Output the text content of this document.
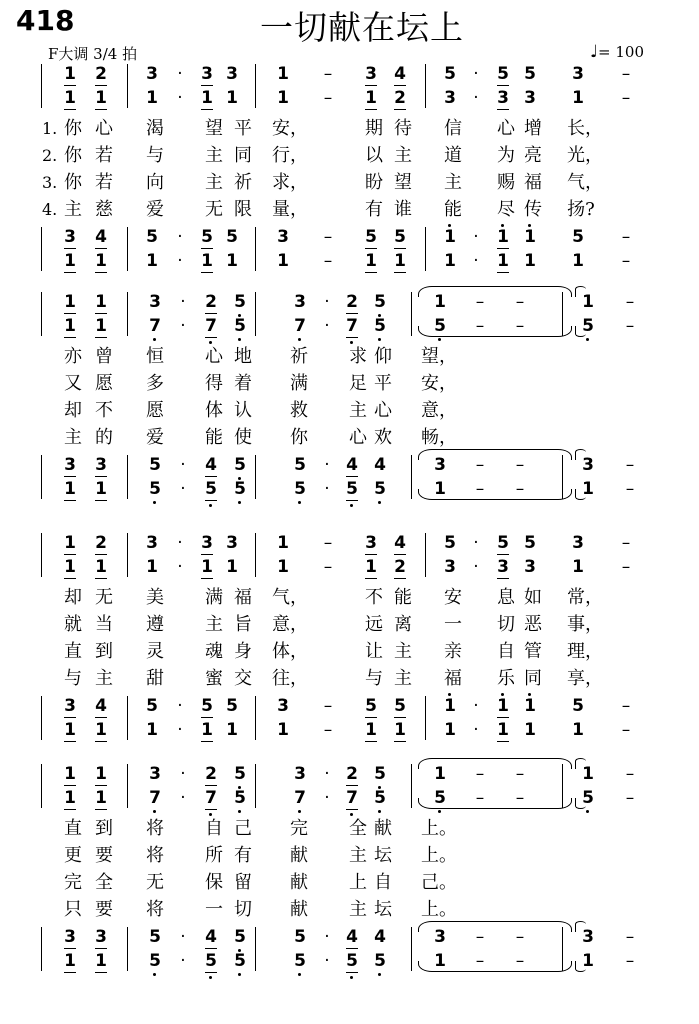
418	一切献在坛上
F大调 3/4 拍	♩= 100
1 2 3	·	3 3 1	–	3 4 5	·	5 5 3	–
1 1 1	·	1 1 1	–	1 2 3	·	3 3 1	–
3 4 5	·	5 5 3	–	5 5 1	·	1 1 5	–
1 1 1	·	1 1 1	–	1 1 1	·	1 1 1	–
1. 你 心 渴 望 平 安，	期 待 信 心 增 长，
2. 你 若 与 主 同 行，	以 主 道 为 亮 光，
3. 你 若 向 主 祈 求，	盼 望 主 赐 福 气，
4. 主 慈 爱 无 限 量，	有 谁 能 尽 传 扬?
1 1 3	·	2 5	3	· 2 5	1	–	–	1	–
1 1 7	·	7 5	7	· 7 5	5	–	–	5	–
3 3 5	·	4 5	5	· 4 4	3	–	–	3	–
1 1 5	·	5 5	5	· 5 5	1	–	–	1	–
亦 曾 恒 心 地 祈 求 仰 望，
又 愿 多 得 着 满 足 平 安，
却 不 愿 体 认 救 主 心 意，
主 的 爱 能 使 你 心 欢 畅，
1 2 3	·	3 3 1	–	3 4 5	·	5 5 3	–
1 1 1	·	1 1 1	–	1 2 3	·	3 3 1	–
3 4 5	·	5 5 3	–	5 5 1	·	1 1 5	–
1 1 1	·	1 1 1	–	1 1 1	·	1 1 1	–
却 无 美 满 福 气，	不 能 安 息 如 常，
就 当 遵 主 旨 意，	远 离 一 切 恶 事，
直 到 灵 魂 身 体，	让 主 亲 自 管 理，
与 主 甜 蜜 交 往，	与 主 福 乐 同 享，
1 1 3	·	2 5	3	· 2 5	1	–	–	1	–
1 1 7	·	7 5	7	· 7 5	5	–	–	5	–
3 3 5	·	4 5	5	· 4 4	3	–	–	3	–
1 1 5	·	5 5	5	· 5 5	1	–	–	1	–
直 到 将 自 己 完 全 献 上。
更 要 将 所 有 献 主 坛 上。
完 全 无 保 留 献 上 自 己。
只 要 将 一 切 献 主 坛 上。
